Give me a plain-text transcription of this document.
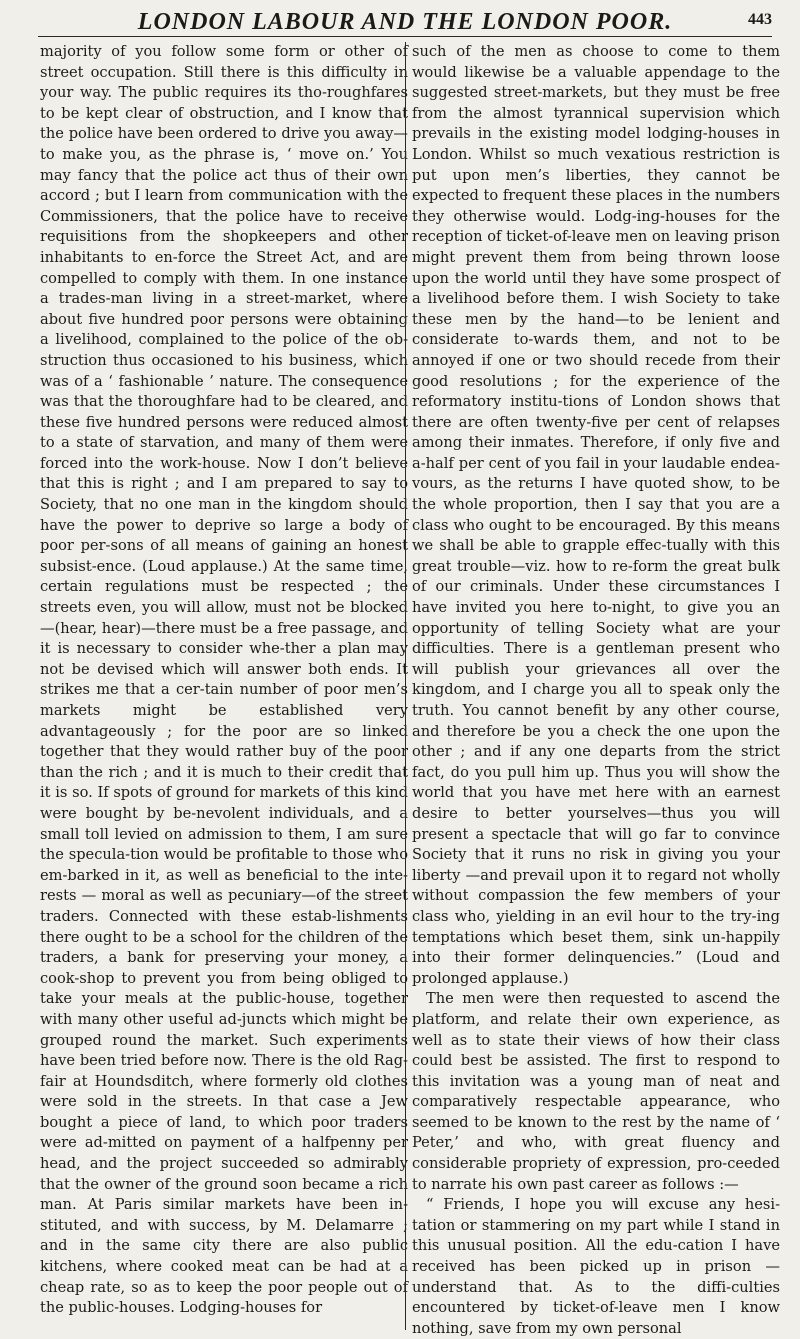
LONDON LABOUR AND THE LONDON POOR.	443

majority of you follow some form or other of street occupation. Still there is this difficulty in your way. The public requires its tho-roughfares to be kept clear of obstruction, and I know that the police have been ordered to drive you away—to make you, as the phrase is, ‘ move on.’ You may fancy that the police act thus of their own accord ; but I learn from communication with the Commissioners, that the police have to receive requisitions from the shopkeepers and other inhabitants to en-force the Street Act, and are compelled to comply with them. In one instance a trades-man living in a street-market, where about five hundred poor persons were obtaining a livelihood, complained to the police of the ob-struction thus occasioned to his business, which was of a ‘ fashionable ’ nature. The consequence was that the thoroughfare had to be cleared, and these five hundred persons were reduced almost to a state of starvation, and many of them were forced into the work-house. Now I don’t believe that this is right ; and I am prepared to say to Society, that no one man in the kingdom should have the power to deprive so large a body of poor per-sons of all means of gaining an honest subsist-ence. (Loud applause.) At the same time, certain regulations must be respected ; the streets even, you will allow, must not be blocked—(hear, hear)—there must be a free passage, and it is necessary to consider whe-ther a plan may not be devised which will answer both ends. It strikes me that a cer-tain number of poor men’s markets might be established very advantageously ; for the poor are so linked together that they would rather buy of the poor than the rich ; and it is much to their credit that it is so. If spots of ground for markets of this kind were bought by be-nevolent individuals, and a small toll levied on admission to them, I am sure the specula-tion would be profitable to those who em-barked in it, as well as beneficial to the inte-rests — moral as well as pecuniary—of the street traders. Connected with these estab-lishments there ought to be a school for the children of the traders, a bank for preserving your money, a cook-shop to prevent you from being obliged to take your meals at the public-house, together with many other useful ad-juncts which might be grouped round the market. Such experiments have been tried before now. There is the old Rag-fair at Houndsditch, where formerly old clothes were sold in the streets. In that case a Jew bought a piece of land, to which poor traders were ad-mitted on payment of a halfpenny per head, and the project succeeded so admirably that the owner of the ground soon became a rich man. At Paris similar markets have been in-stituted, and with success, by M. Delamarre ; and in the same city there are also public kitchens, where cooked meat can be had at a cheap rate, so as to keep the poor people out of the public-houses. Lodging-houses for

such of the men as choose to come to them would likewise be a valuable appendage to the suggested street-markets, but they must be free from the almost tyrannical supervision which prevails in the existing model lodging-houses in London. Whilst so much vexatious restriction is put upon men’s liberties, they cannot be expected to frequent these places in the numbers they otherwise would. Lodg-ing-houses for the reception of ticket-of-leave men on leaving prison might prevent them from being thrown loose upon the world until they have some prospect of a livelihood before them. I wish Society to take these men by the hand—to be lenient and considerate to-wards them, and not to be annoyed if one or two should recede from their good resolutions ; for the experience of the reformatory institu-tions of London shows that there are often twenty-five per cent of relapses among their inmates. Therefore, if only five and a-half per cent of you fail in your laudable endea-vours, as the returns I have quoted show, to be the whole proportion, then I say that you are a class who ought to be encouraged. By this means we shall be able to grapple effec-tually with this great trouble—viz. how to re-form the great bulk of our criminals. Under these circumstances I have invited you here to-night, to give you an opportunity of telling Society what are your difficulties. There is a gentleman present who will publish your grievances all over the kingdom, and I charge you all to speak only the truth. You cannot benefit by any other course, and therefore be you a check the one upon the other ; and if any one departs from the strict fact, do you pull him up. Thus you will show the world that you have met here with an earnest desire to better yourselves—thus you will present a spectacle that will go far to convince Society that it runs no risk in giving you your liberty —and prevail upon it to regard not wholly without compassion the few members of your class who, yielding in an evil hour to the try-ing temptations which beset them, sink un-happily into their former delinquencies.” (Loud and prolonged applause.)

The men were then requested to ascend the platform, and relate their own experience, as well as to state their views of how their class could best be assisted. The first to respond to this invitation was a young man of neat and comparatively respectable appearance, who seemed to be known to the rest by the name of ‘ Peter,’ and who, with great fluency and considerable propriety of expression, pro-ceeded to narrate his own past career as follows :—

“ Friends, I hope you will excuse any hesi-tation or stammering on my part while I stand in this unusual position. All the edu-cation I have received has been picked up in prison — understand that. As to the diffi-culties encountered by ticket-of-leave men I know nothing, save from my own personal
